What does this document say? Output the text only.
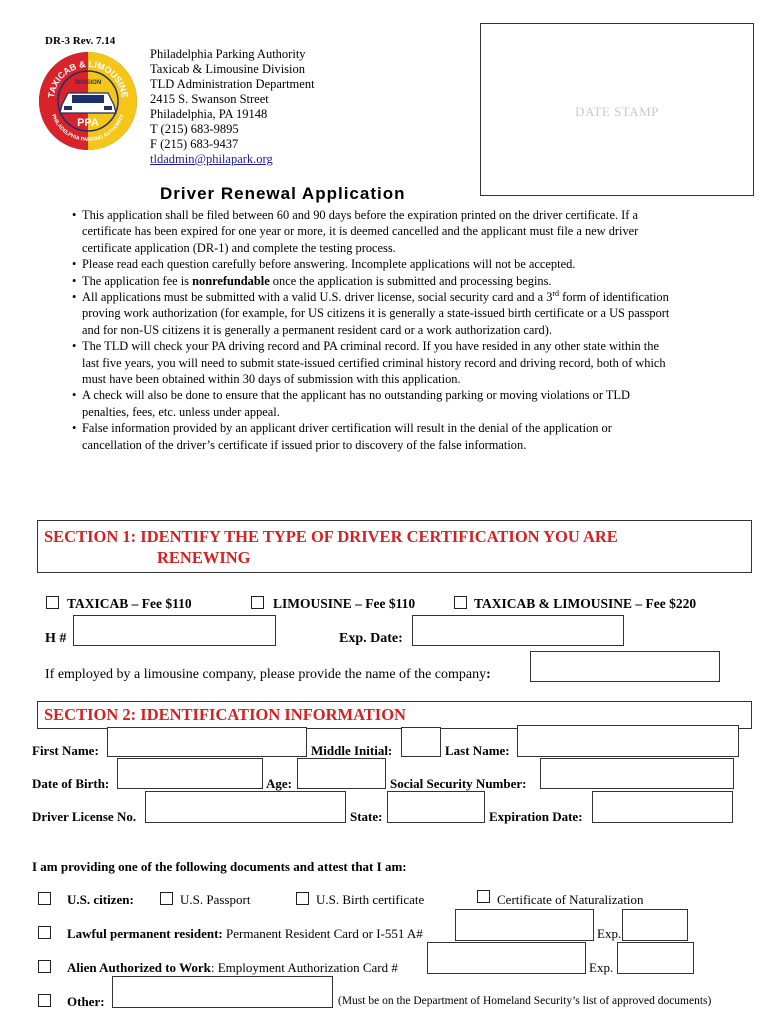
DR-3 Rev. 7.14
TAXICAB & LIMOUSINE
PHILADELPHIA PARKING AUTHORITY
DIVISION
PPA
Philadelphia Parking Authority
Taxicab & Limousine Division
TLD Administration Department
2415 S. Swanson Street
Philadelphia, PA 19148
T (215) 683-9895
F (215) 683-9437
tldadmin@philapark.org
DATE STAMP
Driver Renewal Application
• This application shall be filed between 60 and 90 days before the expiration printed on the driver certificate. If a certificate has been expired for one year or more, it is deemed cancelled and the applicant must file a new driver certificate application (DR-1) and complete the testing process.
• Please read each question carefully before answering. Incomplete applications will not be accepted.
• The application fee is nonrefundable once the application is submitted and processing begins.
• All applications must be submitted with a valid U.S. driver license, social security card and a 3rd form of identification proving work authorization (for example, for US citizens it is generally a state-issued birth certificate or a US passport and for non-US citizens it is generally a permanent resident card or a work authorization card).
• The TLD will check your PA driving record and PA criminal record. If you have resided in any other state within the last five years, you will need to submit state-issued certified criminal history record and driving record, both of which must have been obtained within 30 days of submission with this application.
• A check will also be done to ensure that the applicant has no outstanding parking or moving violations or TLD penalties, fees, etc. unless under appeal.
• False information provided by an applicant driver certification will result in the denial of the application or cancellation of the driver’s certificate if issued prior to discovery of the false information.
SECTION 1: IDENTIFY THE TYPE OF DRIVER CERTIFICATION YOU ARE
RENEWING
TAXICAB – Fee $110	LIMOUSINE – Fee $110	TAXICAB & LIMOUSINE – Fee $220
H #	Exp. Date:
If employed by a limousine company, please provide the name of the company:
SECTION 2: IDENTIFICATION INFORMATION
First Name:	Middle Initial:	Last Name:
Date of Birth:	Age:	Social Security Number:
Driver License No.	State:	Expiration Date:
I am providing one of the following documents and attest that I am:
U.S. citizen:	U.S. Passport	U.S. Birth certificate	Certificate of Naturalization
Lawful permanent resident: Permanent Resident Card or I-551 A#	Exp.
Alien Authorized to Work: Employment Authorization Card #	Exp.
Other:	(Must be on the Department of Homeland Security’s list of approved documents)
